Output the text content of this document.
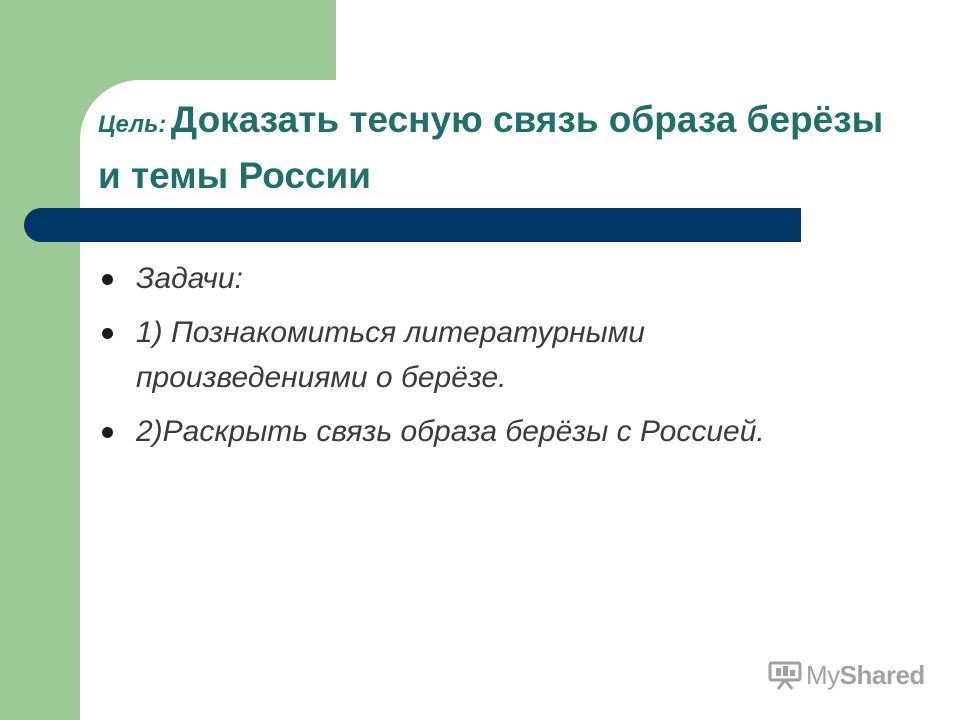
Цель: Доказать тесную связь образа берёзы и темы России
Задачи:
1) Познакомиться литературными произведениями о берёзе.
2)Раскрыть связь образа берёзы с Россией.
MyShared
